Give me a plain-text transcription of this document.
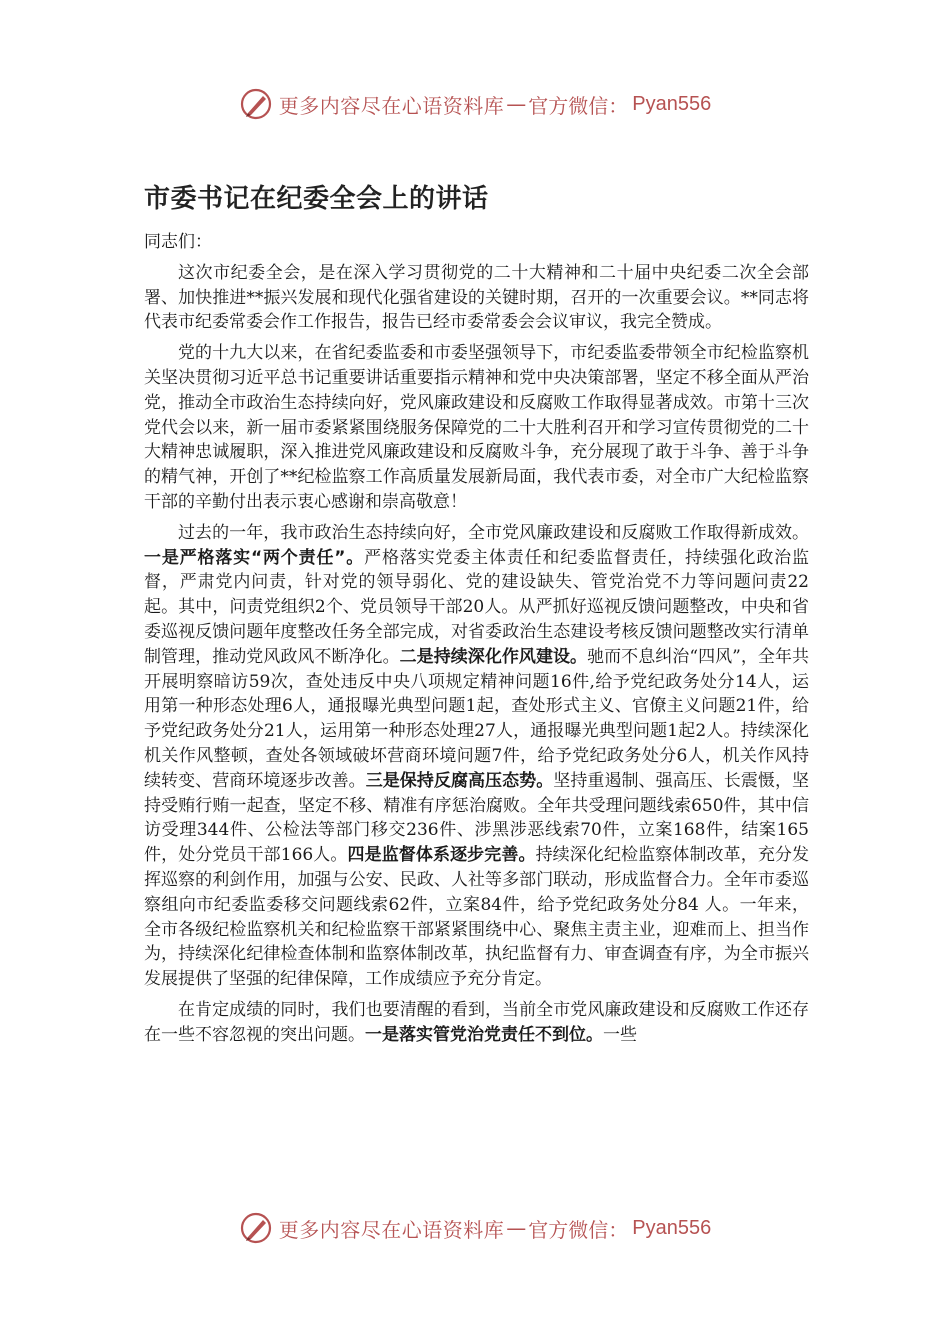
更多内容尽在心语资料库 — 官方微信： Pyan556
市委书记在纪委全会上的讲话

同志们：

这次市纪委全会，是在深入学习贯彻党的二十大精神和二十届中央纪委二次全会部署、加快推进**振兴发展和现代化强省建设的关键时期，召开的一次重要会议。**同志将代表市纪委常委会作工作报告，报告已经市委常委会会议审议，我完全赞成。

党的十九大以来，在省纪委监委和市委坚强领导下，市纪委监委带领全市纪检监察机关坚决贯彻习近平总书记重要讲话重要指示精神和党中央决策部署，坚定不移全面从严治党，推动全市政治生态持续向好，党风廉政建设和反腐败工作取得显著成效。市第十三次党代会以来，新一届市委紧紧围绕服务保障党的二十大胜利召开和学习宣传贯彻党的二十大精神忠诚履职，深入推进党风廉政建设和反腐败斗争，充分展现了敢于斗争、善于斗争的精气神，开创了**纪检监察工作高质量发展新局面，我代表市委，对全市广大纪检监察干部的辛勤付出表示衷心感谢和崇高敬意！

过去的一年，我市政治生态持续向好，全市党风廉政建设和反腐败工作取得新成效。一是严格落实“两个责任”。严格落实党委主体责任和纪委监督责任，持续强化政治监督，严肃党内问责，针对党的领导弱化、党的建设缺失、管党治党不力等问题问责22起。其中，问责党组织2个、党员领导干部20人。从严抓好巡视反馈问题整改，中央和省委巡视反馈问题年度整改任务全部完成，对省委政治生态建设考核反馈问题整改实行清单制管理，推动党风政风不断净化。二是持续深化作风建设。驰而不息纠治“四风”，全年共开展明察暗访59次，查处违反中央八项规定精神问题16件,给予党纪政务处分14人，运用第一种形态处理6人，通报曝光典型问题1起，查处形式主义、官僚主义问题21件，给予党纪政务处分21人，运用第一种形态处理27人，通报曝光典型问题1起2人。持续深化机关作风整顿，查处各领域破坏营商环境问题7件，给予党纪政务处分6人，机关作风持续转变、营商环境逐步改善。三是保持反腐高压态势。坚持重遏制、强高压、长震慑，坚持受贿行贿一起查，坚定不移、精准有序惩治腐败。全年共受理问题线索650件，其中信访受理344件、公检法等部门移交236件、涉黑涉恶线索70件，立案168件，结案165件，处分党员干部166人。四是监督体系逐步完善。持续深化纪检监察体制改革，充分发挥巡察的利剑作用，加强与公安、民政、人社等多部门联动，形成监督合力。全年市委巡察组向市纪委监委移交问题线索62件，立案84件，给予党纪政务处分84 人。一年来，全市各级纪检监察机关和纪检监察干部紧紧围绕中心、聚焦主责主业，迎难而上、担当作为，持续深化纪律检查体制和监察体制改革，执纪监督有力、审查调查有序，为全市振兴发展提供了坚强的纪律保障，工作成绩应予充分肯定。

在肯定成绩的同时，我们也要清醒的看到，当前全市党风廉政建设和反腐败工作还存在一些不容忽视的突出问题。一是落实管党治党责任不到位。一些

更多内容尽在心语资料库 — 官方微信： Pyan556
